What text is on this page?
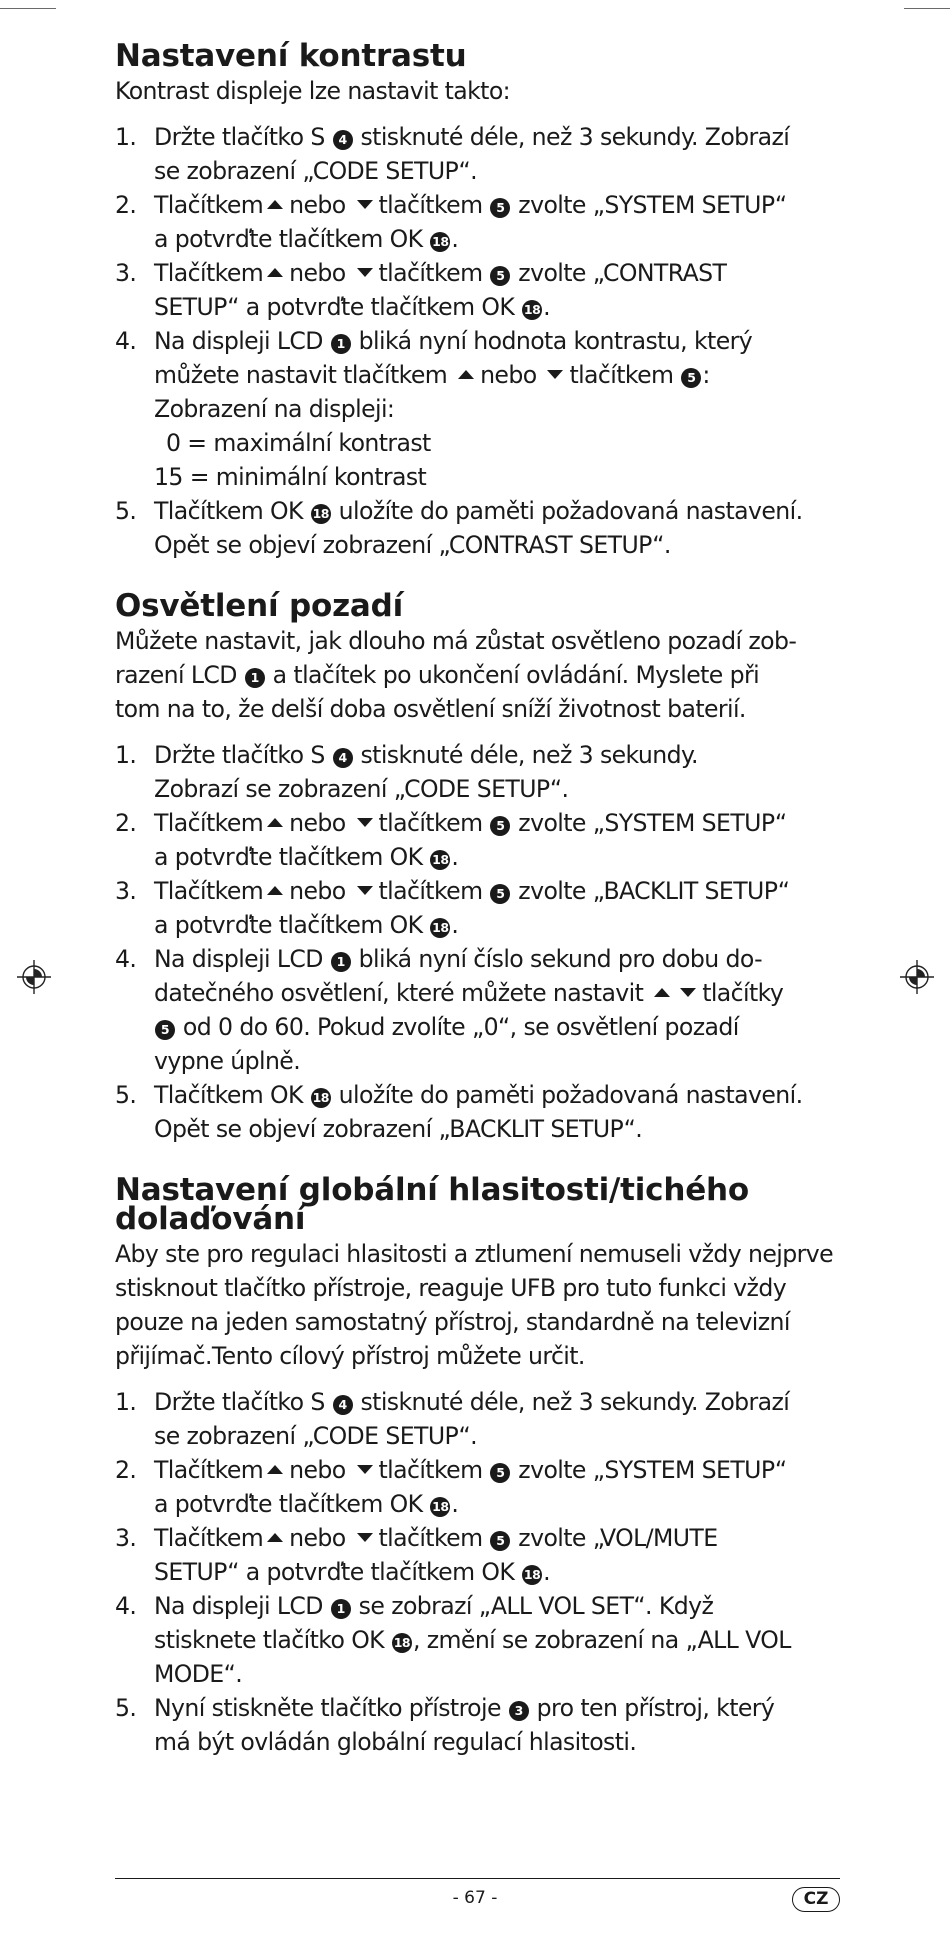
Nastavení kontrastu

Kontrast displeje lze nastavit takto:

1. Držte tlačítko S 4 stisknuté déle, než 3 sekundy. Zobrazí
se zobrazení „CODE SETUP“.
2. Tlačítkem nebo tlačítkem 5 zvolte „SYSTEM SETUP“
a potvrďte tlačítkem OK 18 .
3. Tlačítkem nebo tlačítkem 5 zvolte „CONTRAST
SETUP“ a potvrďte tlačítkem OK 18 .
4. Na displeji LCD 1 bliká nyní hodnota kontrastu, který
můžete nastavit tlačítkem nebo tlačítkem 5 :
Zobrazení na displeji:
0 = maximální kontrast
15 = minimální kontrast
5. Tlačítkem OK 18 uložíte do paměti požadovaná nastavení.
Opět se objeví zobrazení „CONTRAST SETUP“.
Osvětlení pozadí

Můžete nastavit, jak dlouho má zůstat osvětleno pozadí zob-
razení LCD 1 a tlačítek po ukončení ovládání. Myslete při
tom na to, že delší doba osvětlení sníží životnost baterií.

1. Držte tlačítko S 4 stisknuté déle, než 3 sekundy.
Zobrazí se zobrazení „CODE SETUP“.
2. Tlačítkem nebo tlačítkem 5 zvolte „SYSTEM SETUP“
a potvrďte tlačítkem OK 18 .
3. Tlačítkem nebo tlačítkem 5 zvolte „BACKLIT SETUP“
a potvrďte tlačítkem OK 18 .
4. Na displeji LCD 1 bliká nyní číslo sekund pro dobu do-
datečného osvětlení, které můžete nastavit tlačítky
5 od 0 do 60. Pokud zvolíte „0“, se osvětlení pozadí
vypne úplně.
5. Tlačítkem OK 18 uložíte do paměti požadovaná nastavení.
Opět se objeví zobrazení „BACKLIT SETUP“.
Nastavení globální hlasitosti/tichého
dolaďování

Aby ste pro regulaci hlasitosti a ztlumení nemuseli vždy nejprve
stisknout tlačítko přístroje, reaguje UFB pro tuto funkci vždy
pouze na jeden samostatný přístroj, standardně na televizní
přijímač.Tento cílový přístroj můžete určit.

1. Držte tlačítko S 4 stisknuté déle, než 3 sekundy. Zobrazí
se zobrazení „CODE SETUP“.
2. Tlačítkem nebo tlačítkem 5 zvolte „SYSTEM SETUP“
a potvrďte tlačítkem OK 18 .
3. Tlačítkem nebo tlačítkem 5 zvolte „VOL/MUTE
SETUP“ a potvrďte tlačítkem OK 18 .
4. Na displeji LCD 1 se zobrazí „ALL VOL SET“. Když
stisknete tlačítko OK 18 , změní se zobrazení na „ALL VOL
MODE“.
5. Nyní stiskněte tlačítko přístroje 3 pro ten přístroj, který
má být ovládán globální regulací hlasitosti.
- 67 -	CZ
